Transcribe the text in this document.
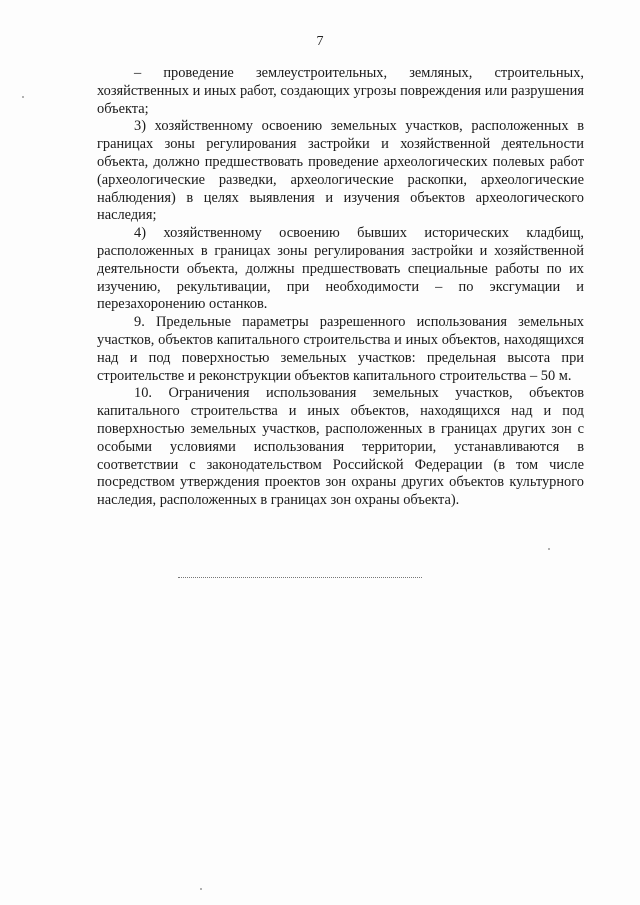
7

– проведение землеустроительных, земляных, строительных, хозяйственных и иных работ, создающих угрозы повреждения или разрушения объекта;

3) хозяйственному освоению земельных участков, расположенных в границах зоны регулирования застройки и хозяйственной деятельности объекта, должно предшествовать проведение археологических полевых работ (археологические разведки, археологические раскопки, археологические наблюдения) в целях выявления и изучения объектов археологического наследия;

4) хозяйственному освоению бывших исторических кладбищ, расположенных в границах зоны регулирования застройки и хозяйственной деятельности объекта, должны предшествовать специальные работы по их изучению, рекультивации, при необходимости – по эксгумации и перезахоронению останков.

9. Предельные параметры разрешенного использования земельных участков, объектов капитального строительства и иных объектов, находящихся над и под поверхностью земельных участков: предельная высота при строительстве и реконструкции объектов капитального строительства – 50 м.

10. Ограничения использования земельных участков, объектов капитального строительства и иных объектов, находящихся над и под поверхностью земельных участков, расположенных в границах других зон с особыми условиями использования территории, устанавливаются в соответствии с законодательством Российской Федерации (в том числе посредством утверждения проектов зон охраны других объектов культурного наследия, расположенных в границах зон охраны объекта).
